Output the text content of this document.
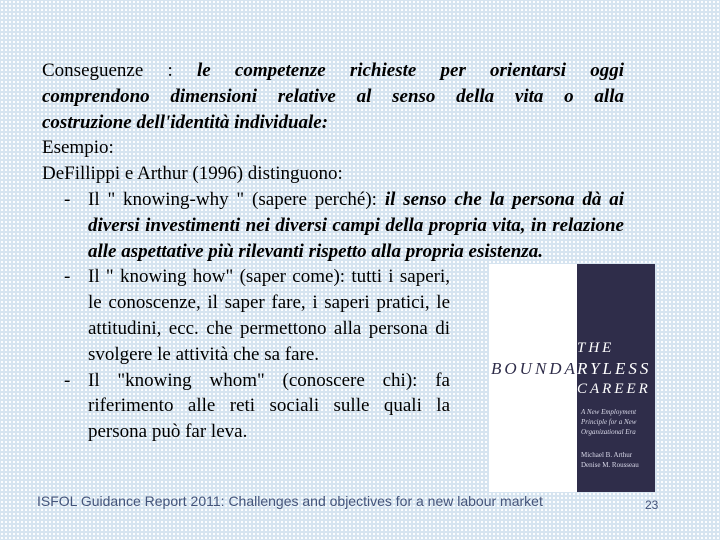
Conseguenze : le competenze richieste per orientarsi oggi

comprendono dimensioni relative al senso della vita o alla

costruzione dell'identità individuale:

Esempio:

DeFillippi e Arthur (1996) distinguono:

- Il " knowing-why " (sapere perché): il senso che la persona dà ai diversi investimenti nei diversi campi della propria vita, in relazione alle aspettative più rilevanti rispetto alla propria esistenza.
- Il " knowing how" (saper come): tutti i saperi, le conoscenze, il saper fare, i saperi pratici, le attitudini, ecc. che permettono alla persona di svolgere le attività che sa fare.
- Il "knowing whom" (conoscere chi): fa riferimento alle reti sociali sulle quali la persona può far leva.
THE
BOUNDA RYLESS
CAREER
A New Employment Principle for a New Organizational Era
Michael B. Arthur Denise M. Rousseau
ISFOL Guidance Report 2011: Challenges and objectives for a new labour market	23
